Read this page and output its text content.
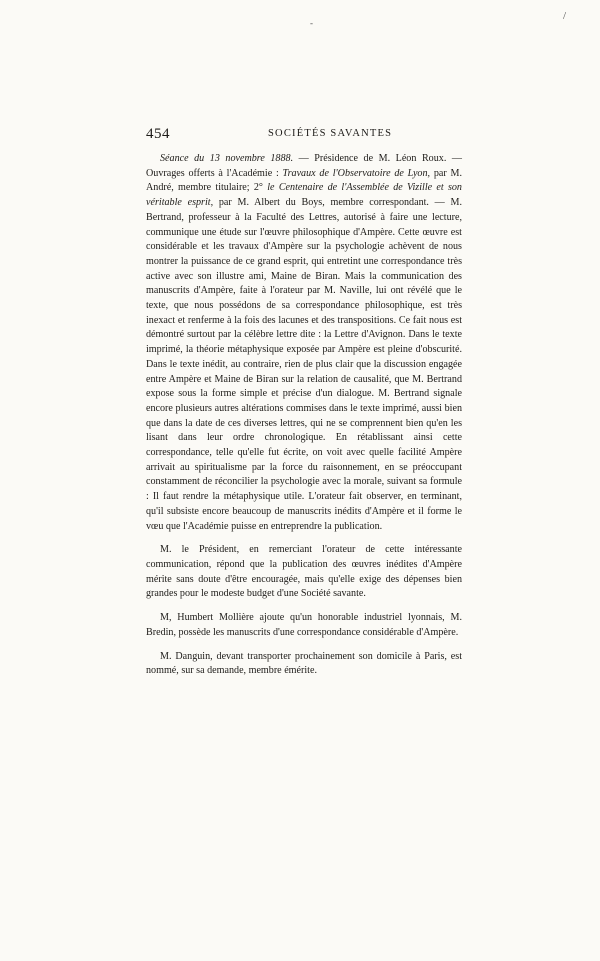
-
/
454	SOCIÉTÉS SAVANTES

Séance du 13 novembre 1888. — Présidence de M. Léon Roux. — Ouvrages offerts à l'Académie : Travaux de l'Observatoire de Lyon, par M. André, membre titulaire; 2° le Centenaire de l'Assemblée de Vizille et son véritable esprit, par M. Albert du Boys, membre correspondant. — M. Bertrand, professeur à la Faculté des Lettres, autorisé à faire une lecture, communique une étude sur l'œuvre philosophique d'Ampère. Cette œuvre est considérable et les travaux d'Ampère sur la psychologie achèvent de nous montrer la puissance de ce grand esprit, qui entretint une correspondance très active avec son illustre ami, Maine de Biran. Mais la communication des manuscrits d'Ampère, faite à l'orateur par M. Naville, lui ont révélé que le texte, que nous possédons de sa correspondance philosophique, est très inexact et renferme à la fois des lacunes et des transpositions. Ce fait nous est démontré surtout par la célèbre lettre dite : la Lettre d'Avignon. Dans le texte imprimé, la théorie métaphysique exposée par Ampère est pleine d'obscurité. Dans le texte inédit, au contraire, rien de plus clair que la discussion engagée entre Ampère et Maine de Biran sur la relation de causalité, que M. Bertrand expose sous la forme simple et précise d'un dialogue. M. Bertrand signale encore plusieurs autres altérations commises dans le texte imprimé, aussi bien que dans la date de ces diverses lettres, qui ne se comprennent bien qu'en les lisant dans leur ordre chronologique. En rétablissant ainsi cette correspondance, telle qu'elle fut écrite, on voit avec quelle facilité Ampère arrivait au spiritualisme par la force du raisonnement, en se préoccupant constamment de réconcilier la psychologie avec la morale, suivant sa formule : Il faut rendre la métaphysique utile. L'orateur fait observer, en terminant, qu'il subsiste encore beaucoup de manuscrits inédits d'Ampère et il forme le vœu que l'Académie puisse en entreprendre la publication.

M. le Président, en remerciant l'orateur de cette intéressante communication, répond que la publication des œuvres inédites d'Ampère mérite sans doute d'être encouragée, mais qu'elle exige des dépenses bien grandes pour le modeste budget d'une Société savante.

M, Humbert Mollière ajoute qu'un honorable industriel lyonnais, M. Bredin, possède les manuscrits d'une correspondance considérable d'Ampère.

M. Danguin, devant transporter prochainement son domicile à Paris, est nommé, sur sa demande, membre émérite.
